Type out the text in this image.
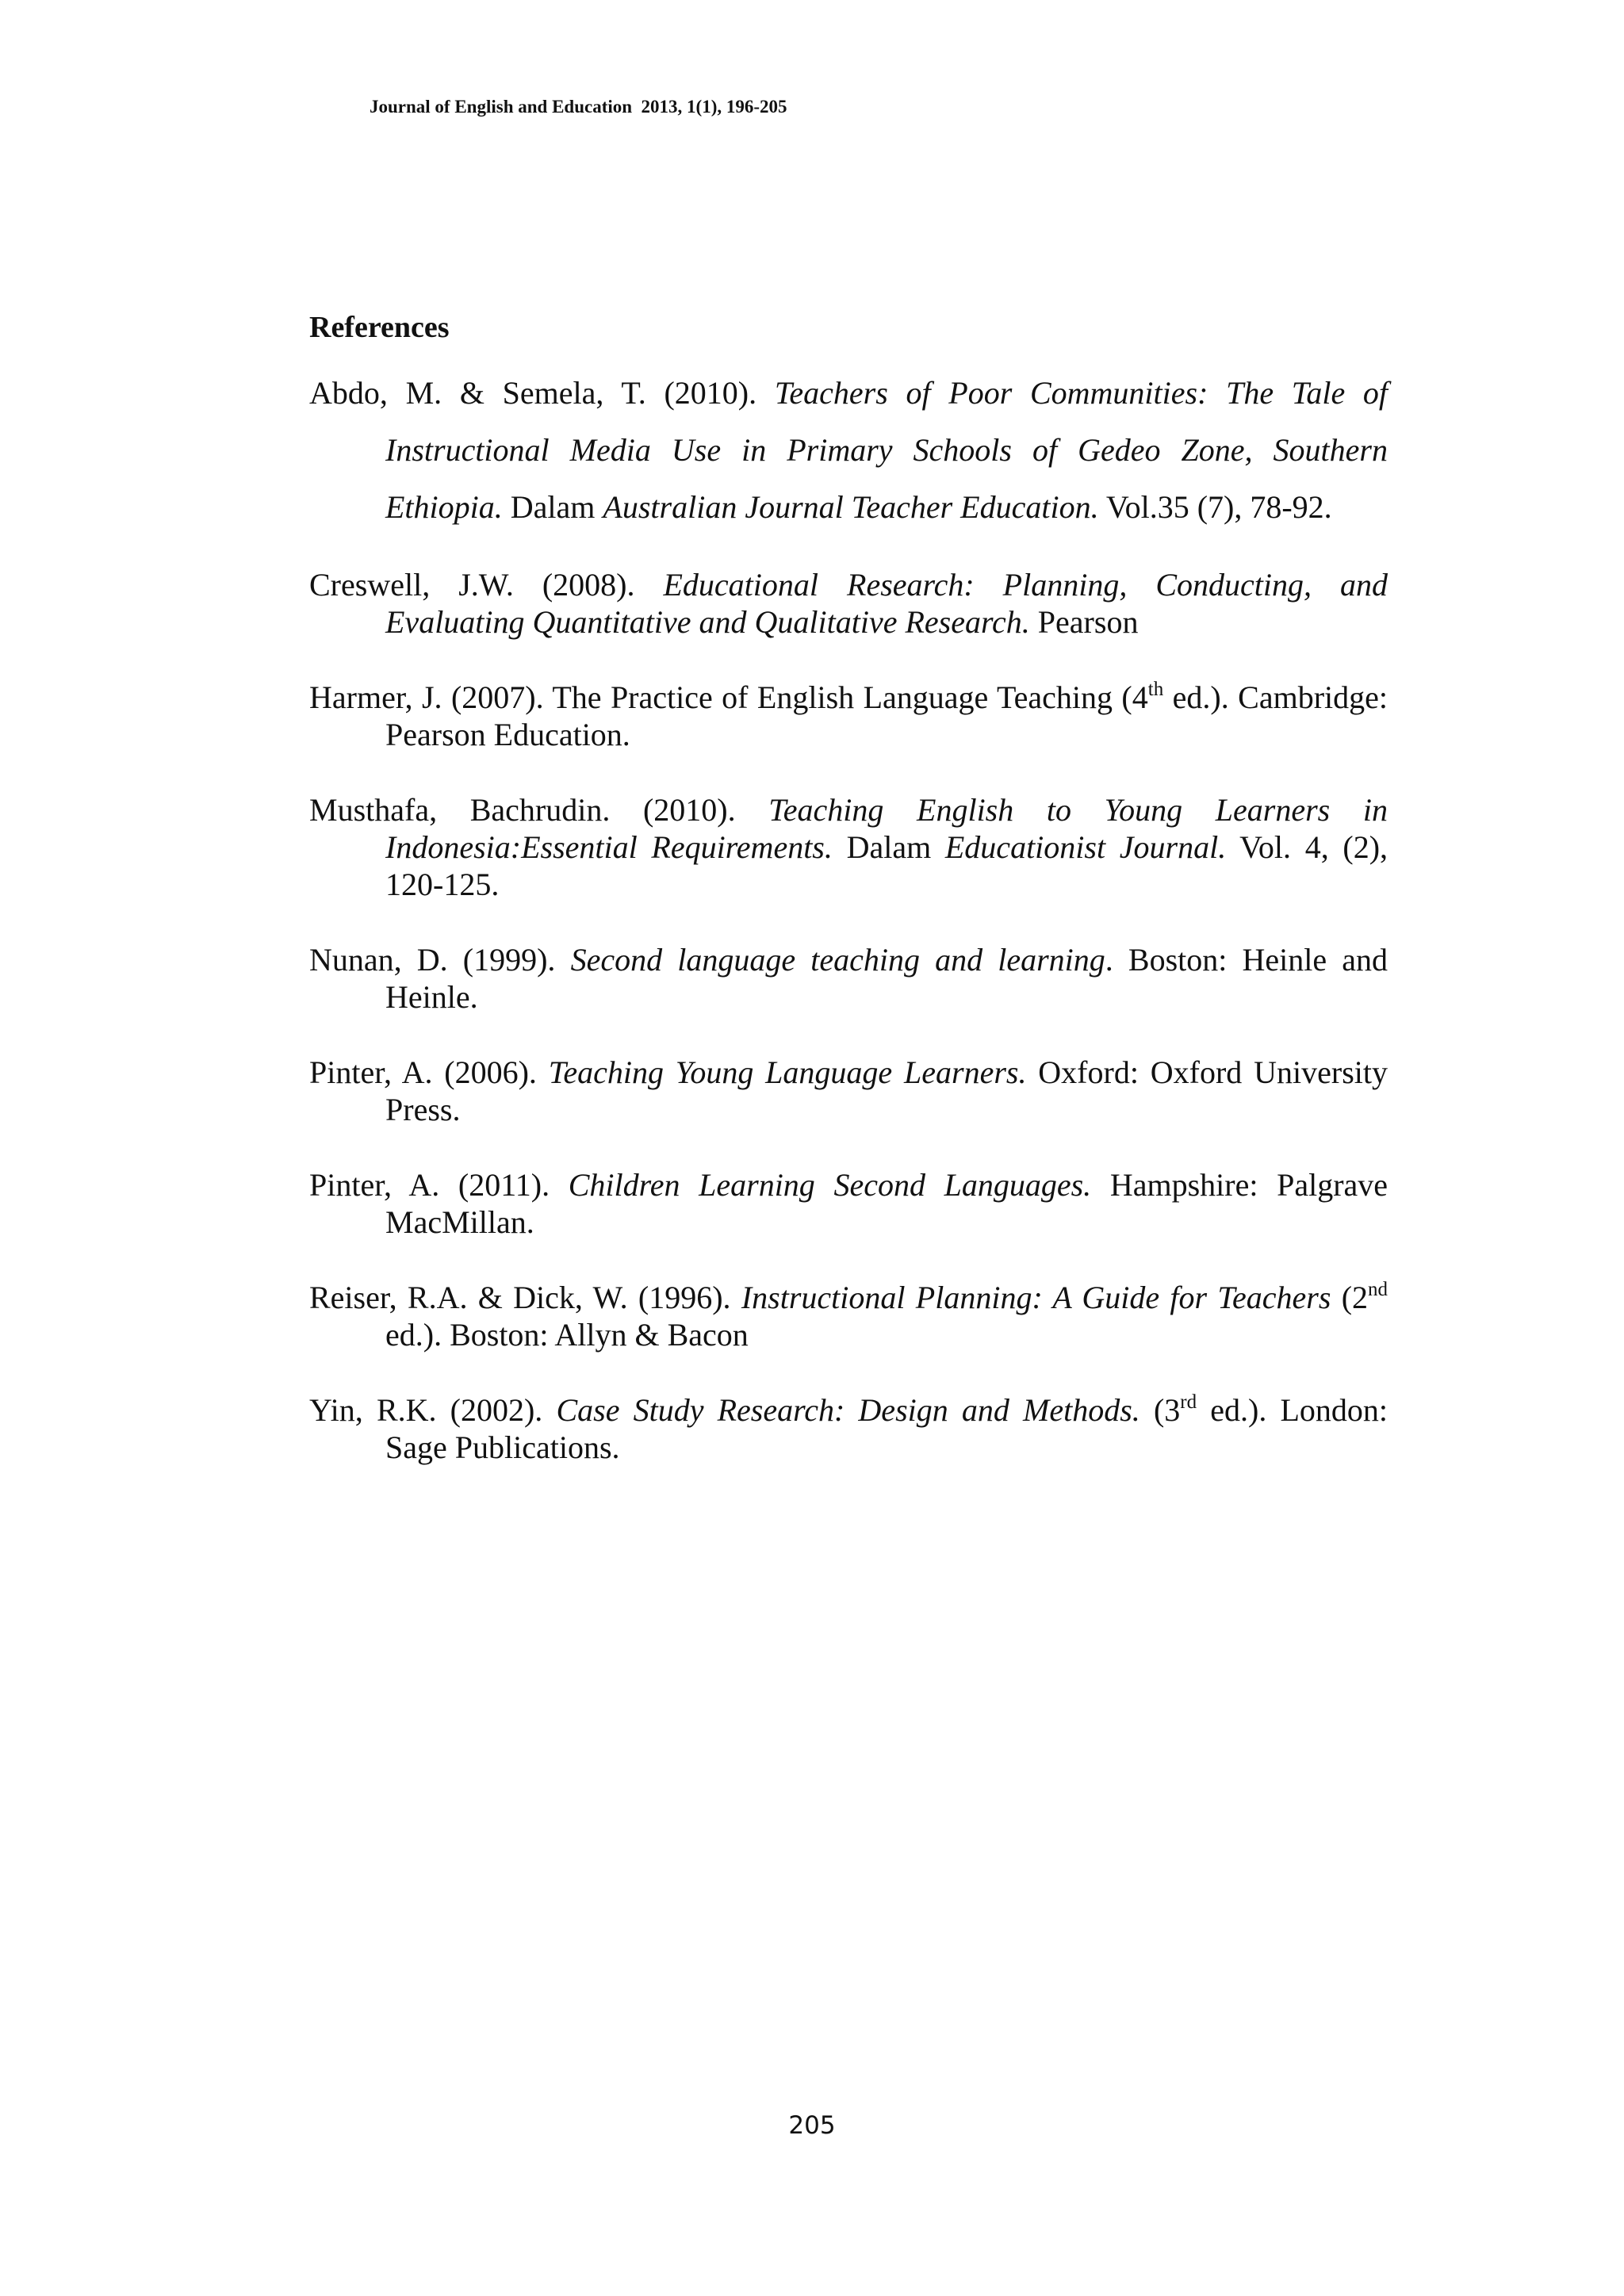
Journal of English and Education  2013, 1(1), 196-205
References

Abdo, M. & Semela, T. (2010). Teachers of Poor Communities: The Tale of Instructional Media Use in Primary Schools of Gedeo Zone, Southern Ethiopia. Dalam Australian Journal Teacher Education. Vol.35 (7), 78-92.

Creswell, J.W. (2008). Educational Research: Planning, Conducting, and Evaluating Quantitative and Qualitative Research. Pearson

Harmer, J. (2007). The Practice of English Language Teaching (4th ed.). Cambridge: Pearson Education.

Musthafa, Bachrudin. (2010). Teaching English to Young Learners in Indonesia:Essential Requirements. Dalam Educationist Journal. Vol. 4, (2), 120-125.

Nunan, D. (1999). Second language teaching and learning. Boston: Heinle and Heinle.

Pinter, A. (2006). Teaching Young Language Learners. Oxford: Oxford University Press.

Pinter, A. (2011). Children Learning Second Languages. Hampshire: Palgrave MacMillan.

Reiser, R.A. & Dick, W. (1996). Instructional Planning: A Guide for Teachers (2nd ed.). Boston: Allyn & Bacon

Yin, R.K. (2002). Case Study Research: Design and Methods. (3rd ed.). London: Sage Publications.

205
